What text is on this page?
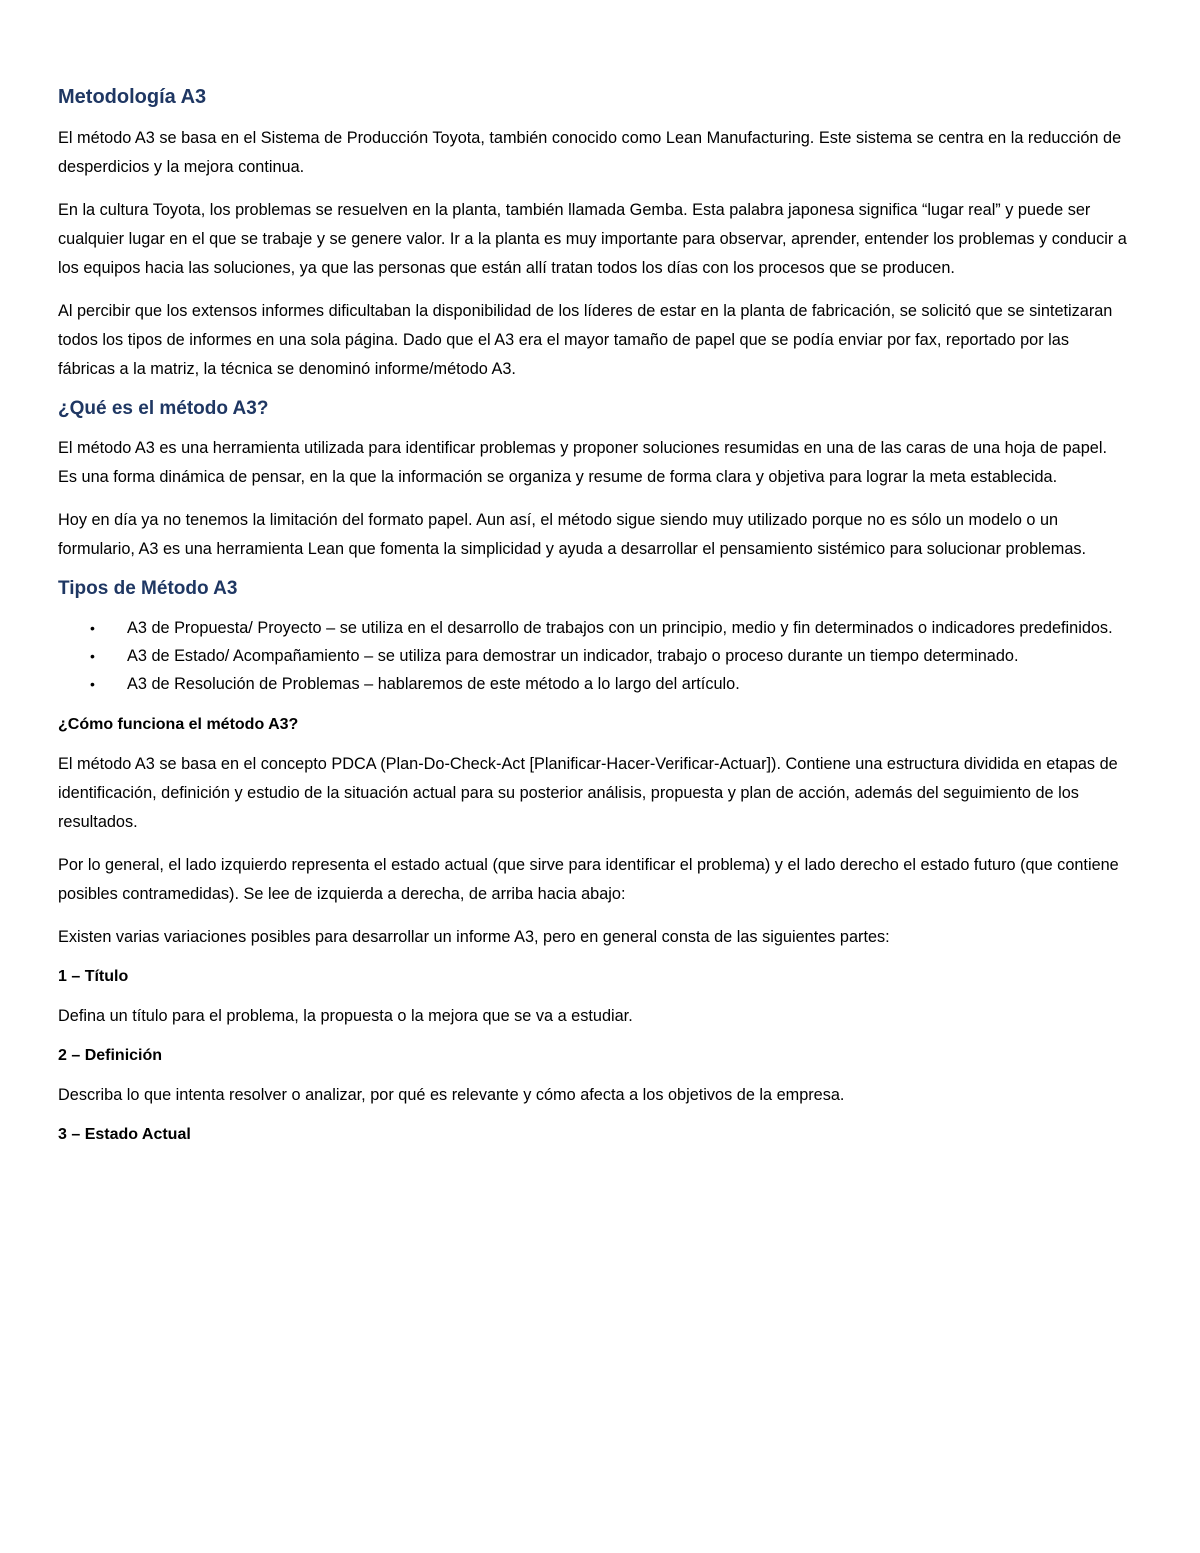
Metodología A3

El método A3 se basa en el Sistema de Producción Toyota, también conocido como Lean Manufacturing. Este sistema se centra en la reducción de desperdicios y la mejora continua.

En la cultura Toyota, los problemas se resuelven en la planta, también llamada Gemba. Esta palabra japonesa significa “lugar real” y puede ser cualquier lugar en el que se trabaje y se genere valor. Ir a la planta es muy importante para observar, aprender, entender los problemas y conducir a los equipos hacia las soluciones, ya que las personas que están allí tratan todos los días con los procesos que se producen.

Al percibir que los extensos informes dificultaban la disponibilidad de los líderes de estar en la planta de fabricación, se solicitó que se sintetizaran todos los tipos de informes en una sola página. Dado que el A3 era el mayor tamaño de papel que se podía enviar por fax, reportado por las fábricas a la matriz, la técnica se denominó informe/método A3.

¿Qué es el método A3?

El método A3 es una herramienta utilizada para identificar problemas y proponer soluciones resumidas en una de las caras de una hoja de papel. Es una forma dinámica de pensar, en la que la información se organiza y resume de forma clara y objetiva para lograr la meta establecida.

Hoy en día ya no tenemos la limitación del formato papel. Aun así, el método sigue siendo muy utilizado porque no es sólo un modelo o un formulario, A3 es una herramienta Lean que fomenta la simplicidad y ayuda a desarrollar el pensamiento sistémico para solucionar problemas.

Tipos de Método A3
• A3 de Propuesta/ Proyecto – se utiliza en el desarrollo de trabajos con un principio, medio y fin determinados o indicadores predefinidos.
• A3 de Estado/ Acompañamiento – se utiliza para demostrar un indicador, trabajo o proceso durante un tiempo determinado.
• A3 de Resolución de Problemas – hablaremos de este método a lo largo del artículo.
¿Cómo funciona el método A3?

El método A3 se basa en el concepto PDCA (Plan-Do-Check-Act [Planificar-Hacer-Verificar-Actuar]). Contiene una estructura dividida en etapas de identificación, definición y estudio de la situación actual para su posterior análisis, propuesta y plan de acción, además del seguimiento de los resultados.

Por lo general, el lado izquierdo representa el estado actual (que sirve para identificar el problema) y el lado derecho el estado futuro (que contiene posibles contramedidas). Se lee de izquierda a derecha, de arriba hacia abajo:

Existen varias variaciones posibles para desarrollar un informe A3, pero en general consta de las siguientes partes:

1 – Título

Defina un título para el problema, la propuesta o la mejora que se va a estudiar.

2 – Definición

Describa lo que intenta resolver o analizar, por qué es relevante y cómo afecta a los objetivos de la empresa.

3 – Estado Actual
